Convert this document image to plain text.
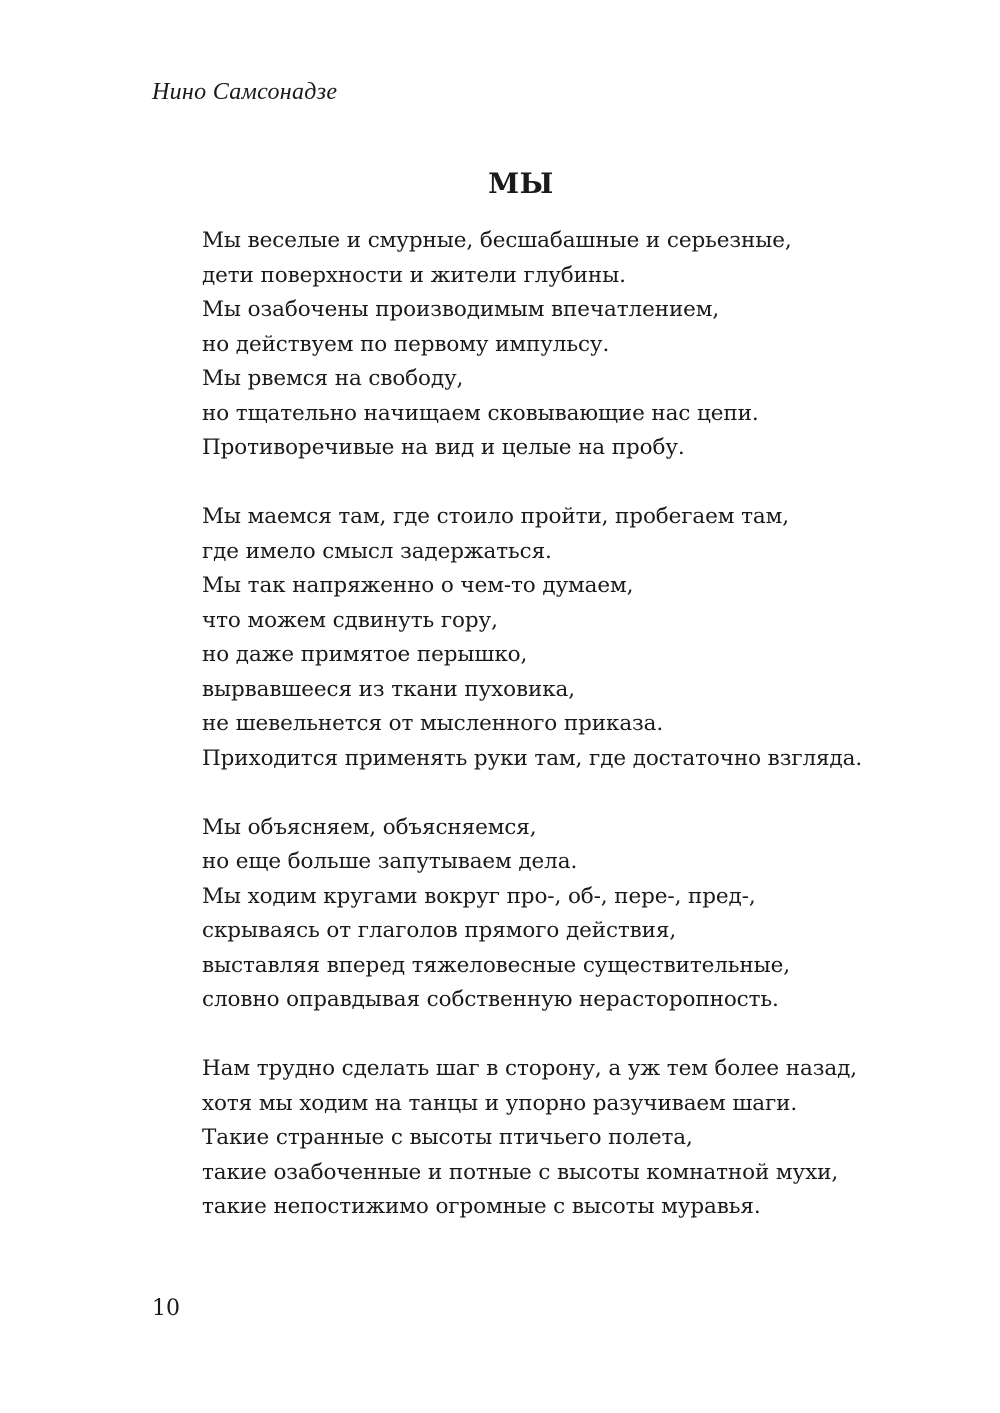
Нино Самсонадзе
МЫ
Мы веселые и смурные, бесшабашные и серьезные,
дети поверхности и жители глубины.
Мы озабочены производимым впечатлением,
но действуем по первому импульсу.
Мы рвемся на свободу,
но тщательно начищаем сковывающие нас цепи.
Противоречивые на вид и целые на пробу.
Мы маемся там, где стоило пройти, пробегаем там,
где имело смысл задержаться.
Мы так напряженно о чем-то думаем,
что можем сдвинуть гору,
но даже примятое перышко,
вырвавшееся из ткани пуховика,
не шевельнется от мысленного приказа.
Приходится применять руки там, где достаточно взгляда.
Мы объясняем, объясняемся,
но еще больше запутываем дела.
Мы ходим кругами вокруг про-, об-, пере-, пред-,
скрываясь от глаголов прямого действия,
выставляя вперед тяжеловесные существительные,
словно оправдывая собственную нерасторопность.
Нам трудно сделать шаг в сторону, а уж тем более назад,
хотя мы ходим на танцы и упорно разучиваем шаги.
Такие странные с высоты птичьего полета,
такие озабоченные и потные с высоты комнатной мухи,
такие непостижимо огромные с высоты муравья.
10
